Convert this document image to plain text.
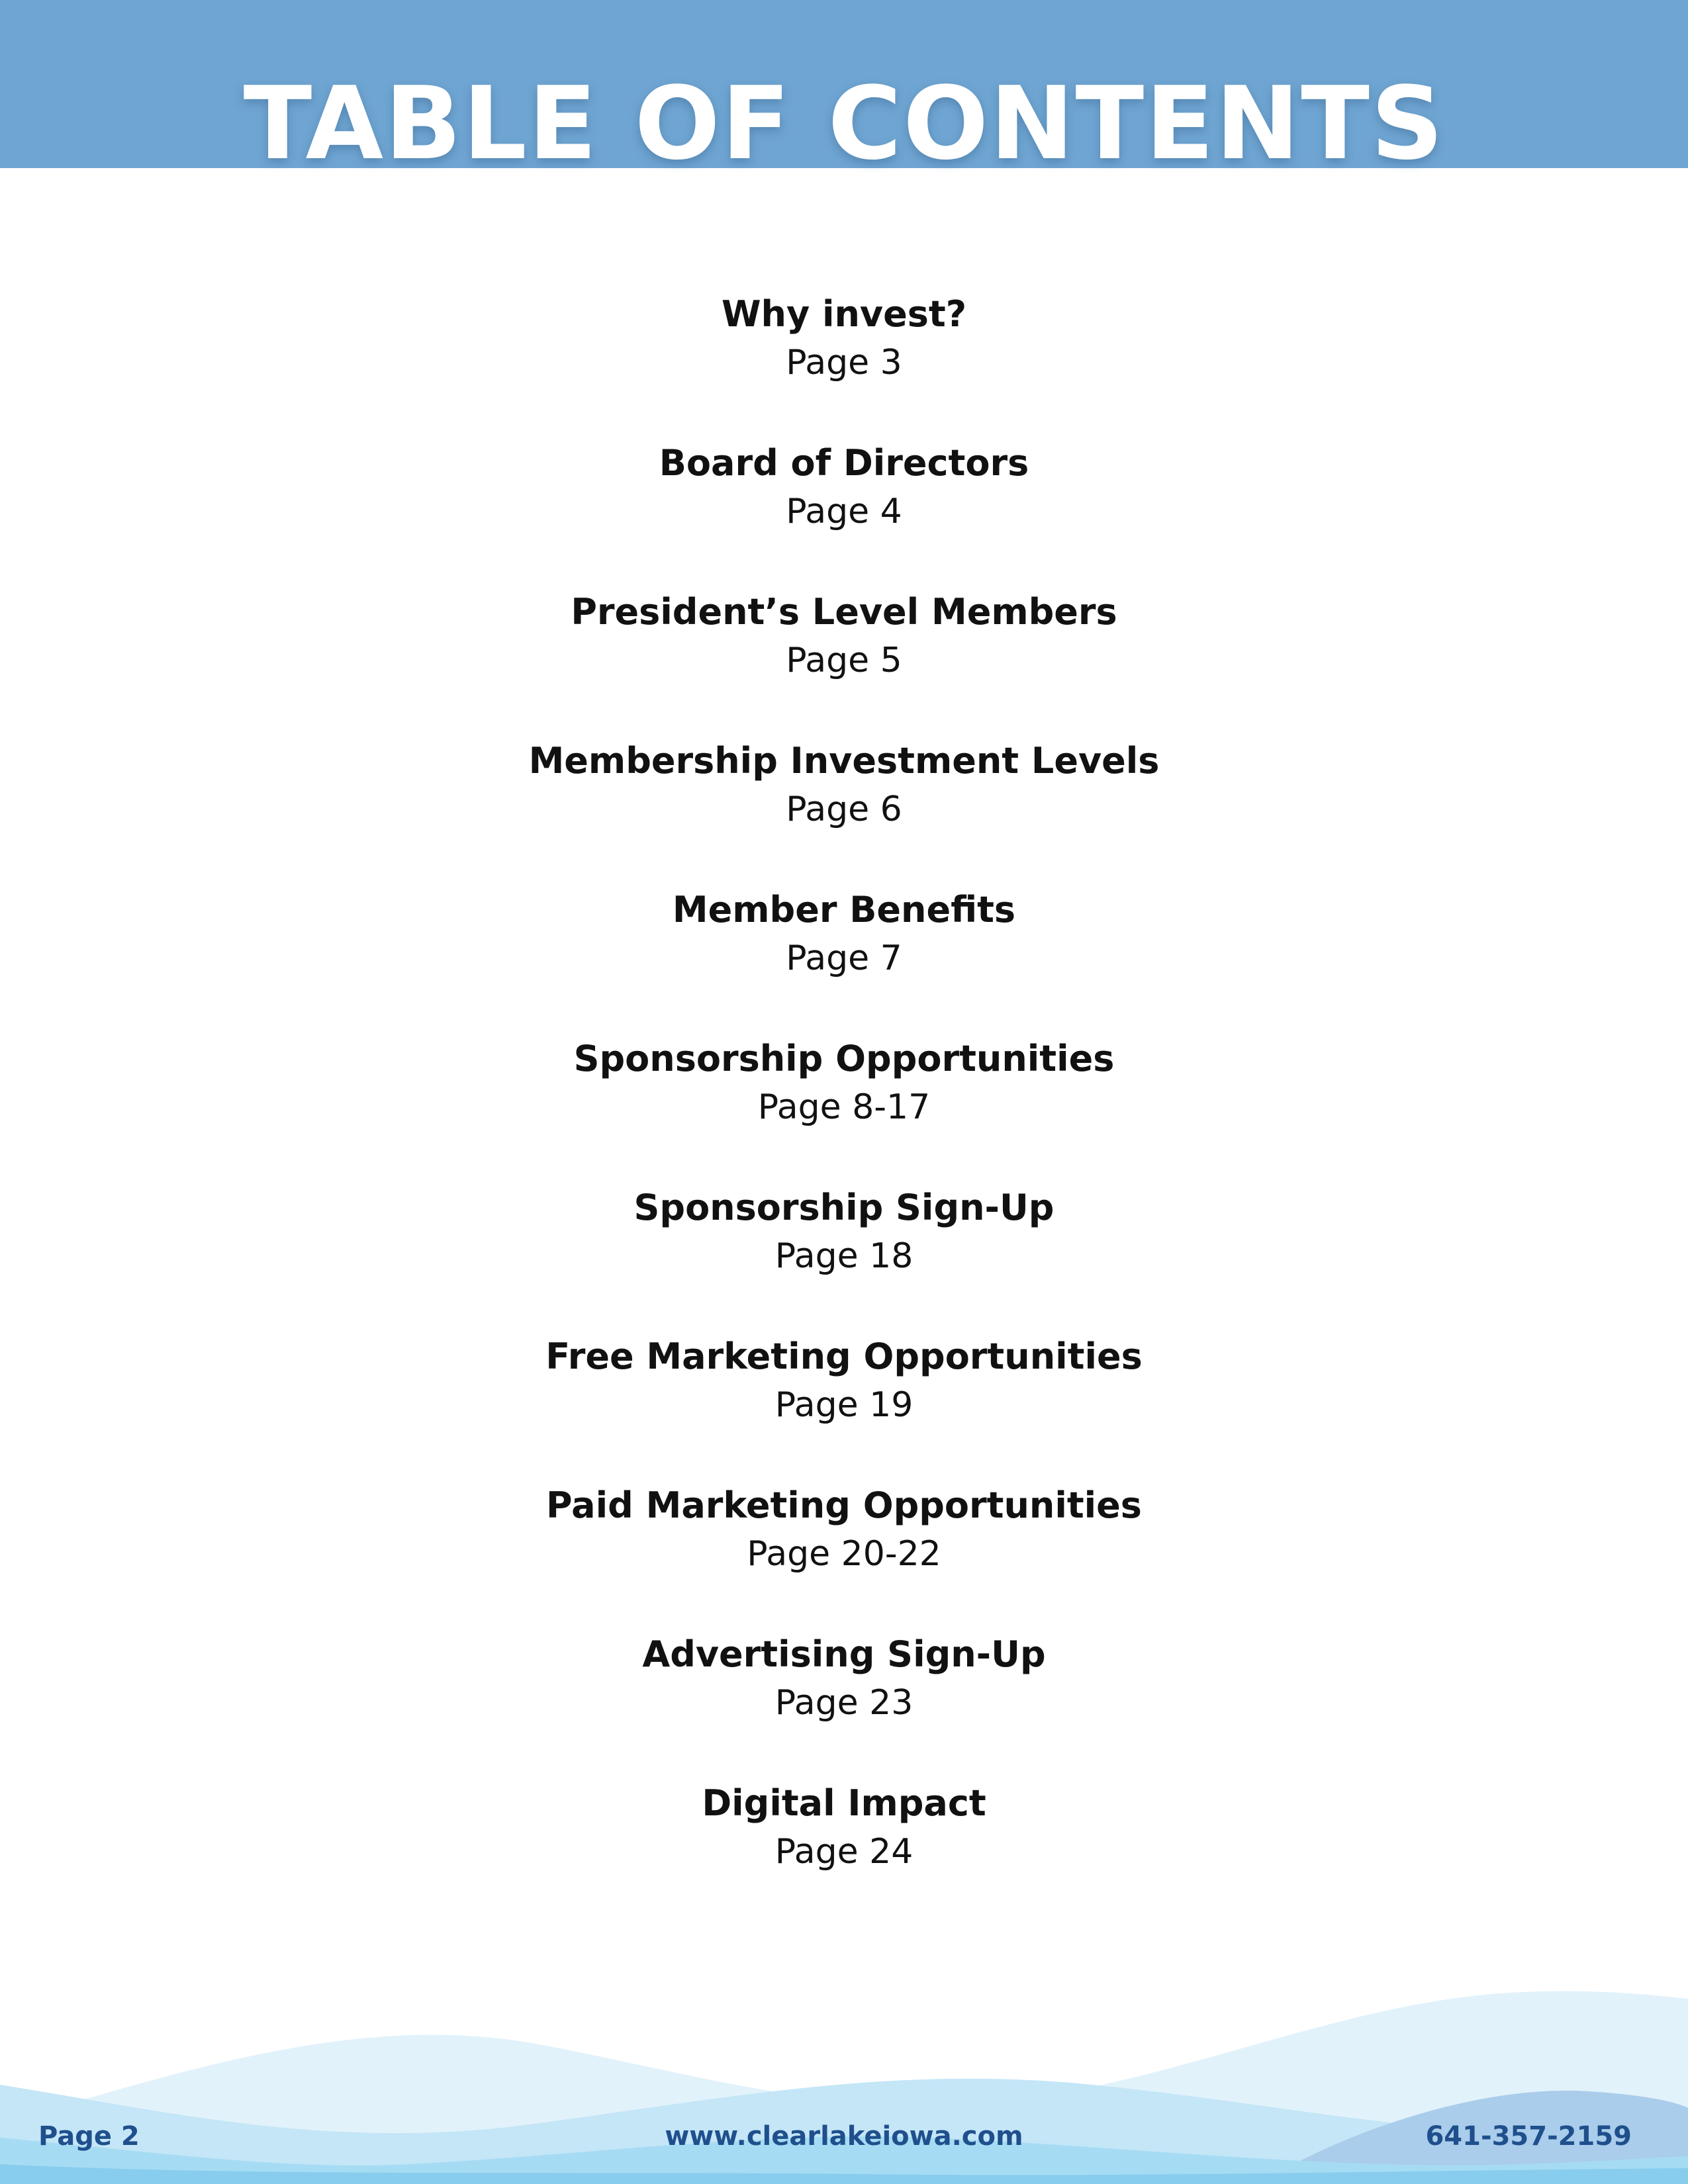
TABLE OF CONTENTS
Why invest?
Page 3
Board of Directors
Page 4
President’s Level Members
Page 5
Membership Investment Levels
Page 6
Member Benefits
Page 7
Sponsorship Opportunities
Page 8-17
Sponsorship Sign-Up
Page 18
Free Marketing Opportunities
Page 19
Paid Marketing Opportunities
Page 20-22
Advertising Sign-Up
Page 23
Digital Impact
Page 24
Page 2	www.clearlakeiowa.com	641-357-2159
